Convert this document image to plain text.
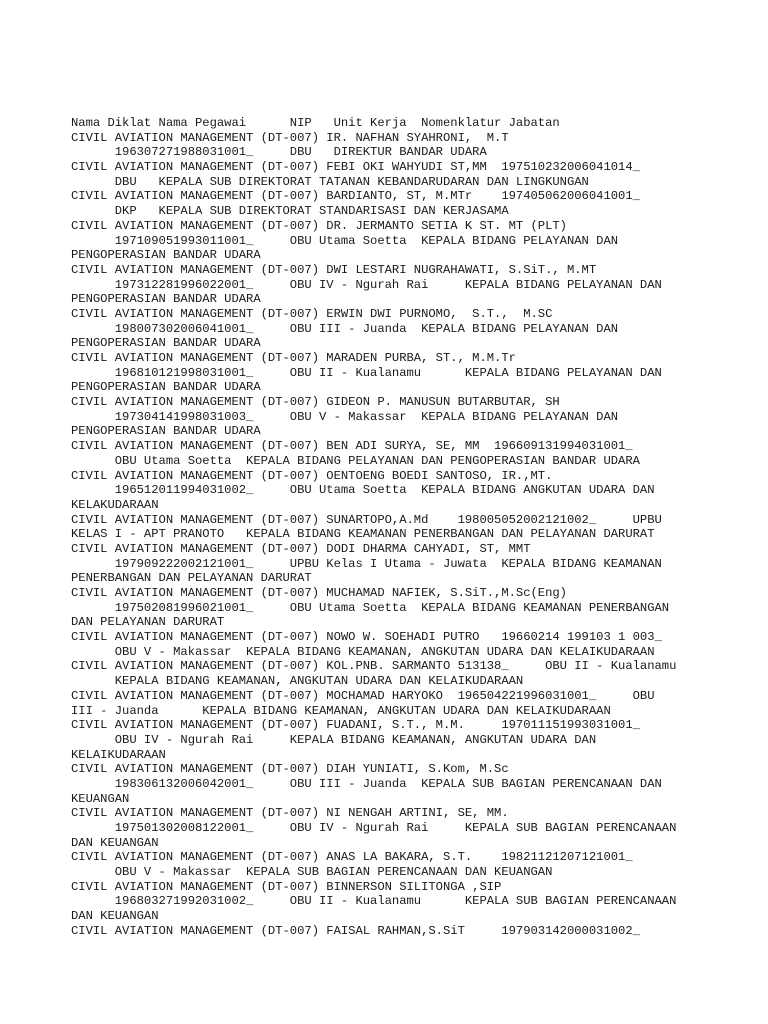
Nama Diklat Nama Pegawai      NIP   Unit Kerja  Nomenklatur Jabatan
CIVIL AVIATION MANAGEMENT (DT-007) IR. NAFHAN SYAHRONI,  M.T
196307271988031001_     DBU   DIREKTUR BANDAR UDARA
CIVIL AVIATION MANAGEMENT (DT-007) FEBI OKI WAHYUDI ST,MM  197510232006041014_
DBU   KEPALA SUB DIREKTORAT TATANAN KEBANDARUDARAN DAN LINGKUNGAN
CIVIL AVIATION MANAGEMENT (DT-007) BARDIANTO, ST, M.MTr    197405062006041001_
DKP   KEPALA SUB DIREKTORAT STANDARISASI DAN KERJASAMA
CIVIL AVIATION MANAGEMENT (DT-007) DR. JERMANTO SETIA K ST. MT (PLT)
197109051993011001_     OBU Utama Soetta  KEPALA BIDANG PELAYANAN DAN
PENGOPERASIAN BANDAR UDARA
CIVIL AVIATION MANAGEMENT (DT-007) DWI LESTARI NUGRAHAWATI, S.SiT., M.MT
197312281996022001_     OBU IV - Ngurah Rai     KEPALA BIDANG PELAYANAN DAN
PENGOPERASIAN BANDAR UDARA
CIVIL AVIATION MANAGEMENT (DT-007) ERWIN DWI PURNOMO,  S.T.,  M.SC
198007302006041001_     OBU III - Juanda  KEPALA BIDANG PELAYANAN DAN
PENGOPERASIAN BANDAR UDARA
CIVIL AVIATION MANAGEMENT (DT-007) MARADEN PURBA, ST., M.M.Tr
196810121998031001_     OBU II - Kualanamu      KEPALA BIDANG PELAYANAN DAN
PENGOPERASIAN BANDAR UDARA
CIVIL AVIATION MANAGEMENT (DT-007) GIDEON P. MANUSUN BUTARBUTAR, SH
197304141998031003_     OBU V - Makassar  KEPALA BIDANG PELAYANAN DAN
PENGOPERASIAN BANDAR UDARA
CIVIL AVIATION MANAGEMENT (DT-007) BEN ADI SURYA, SE, MM  196609131994031001_
OBU Utama Soetta  KEPALA BIDANG PELAYANAN DAN PENGOPERASIAN BANDAR UDARA
CIVIL AVIATION MANAGEMENT (DT-007) OENTOENG BOEDI SANTOSO, IR.,MT.
196512011994031002_     OBU Utama Soetta  KEPALA BIDANG ANGKUTAN UDARA DAN
KELAKUDARAAN
CIVIL AVIATION MANAGEMENT (DT-007) SUNARTOPO,A.Md    198005052002121002_     UPBU
KELAS I - APT PRANOTO   KEPALA BIDANG KEAMANAN PENERBANGAN DAN PELAYANAN DARURAT
CIVIL AVIATION MANAGEMENT (DT-007) DODI DHARMA CAHYADI, ST, MMT
197909222002121001_     UPBU Kelas I Utama - Juwata  KEPALA BIDANG KEAMANAN
PENERBANGAN DAN PELAYANAN DARURAT
CIVIL AVIATION MANAGEMENT (DT-007) MUCHAMAD NAFIEK, S.SiT.,M.Sc(Eng)
197502081996021001_     OBU Utama Soetta  KEPALA BIDANG KEAMANAN PENERBANGAN
DAN PELAYANAN DARURAT
CIVIL AVIATION MANAGEMENT (DT-007) NOWO W. SOEHADI PUTRO   19660214 199103 1 003_
OBU V - Makassar  KEPALA BIDANG KEAMANAN, ANGKUTAN UDARA DAN KELAIKUDARAAN
CIVIL AVIATION MANAGEMENT (DT-007) KOL.PNB. SARMANTO 513138_     OBU II - Kualanamu
KEPALA BIDANG KEAMANAN, ANGKUTAN UDARA DAN KELAIKUDARAAN
CIVIL AVIATION MANAGEMENT (DT-007) MOCHAMAD HARYOKO  196504221996031001_     OBU
III - Juanda      KEPALA BIDANG KEAMANAN, ANGKUTAN UDARA DAN KELAIKUDARAAN
CIVIL AVIATION MANAGEMENT (DT-007) FUADANI, S.T., M.M.     197011151993031001_
OBU IV - Ngurah Rai     KEPALA BIDANG KEAMANAN, ANGKUTAN UDARA DAN
KELAIKUDARAAN
CIVIL AVIATION MANAGEMENT (DT-007) DIAH YUNIATI, S.Kom, M.Sc
198306132006042001_     OBU III - Juanda  KEPALA SUB BAGIAN PERENCANAAN DAN
KEUANGAN
CIVIL AVIATION MANAGEMENT (DT-007) NI NENGAH ARTINI, SE, MM.
197501302008122001_     OBU IV - Ngurah Rai     KEPALA SUB BAGIAN PERENCANAAN
DAN KEUANGAN
CIVIL AVIATION MANAGEMENT (DT-007) ANAS LA BAKARA, S.T.    19821121207121001_
OBU V - Makassar  KEPALA SUB BAGIAN PERENCANAAN DAN KEUANGAN
CIVIL AVIATION MANAGEMENT (DT-007) BINNERSON SILITONGA ,SIP
196803271992031002_     OBU II - Kualanamu      KEPALA SUB BAGIAN PERENCANAAN
DAN KEUANGAN
CIVIL AVIATION MANAGEMENT (DT-007) FAISAL RAHMAN,S.SiT     197903142000031002_
